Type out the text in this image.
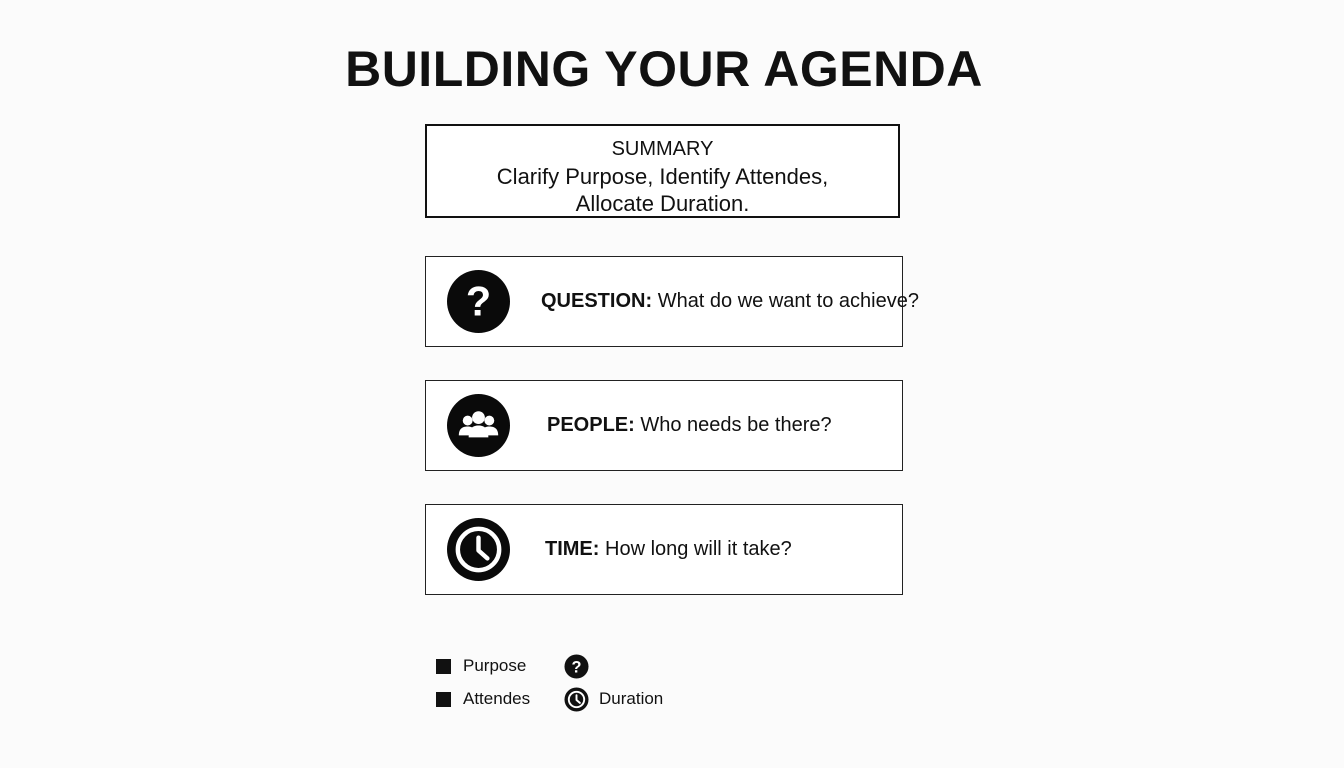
BUILDING YOUR AGENDA
SUMMARY
Clarify Purpose, Identify Attendes, Allocate Duration.
? QUESTION: What do we want to achieve?
PEOPLE: Who needs be there?
TIME: How long will it take?
Purpose
Attendes
?
Duration
